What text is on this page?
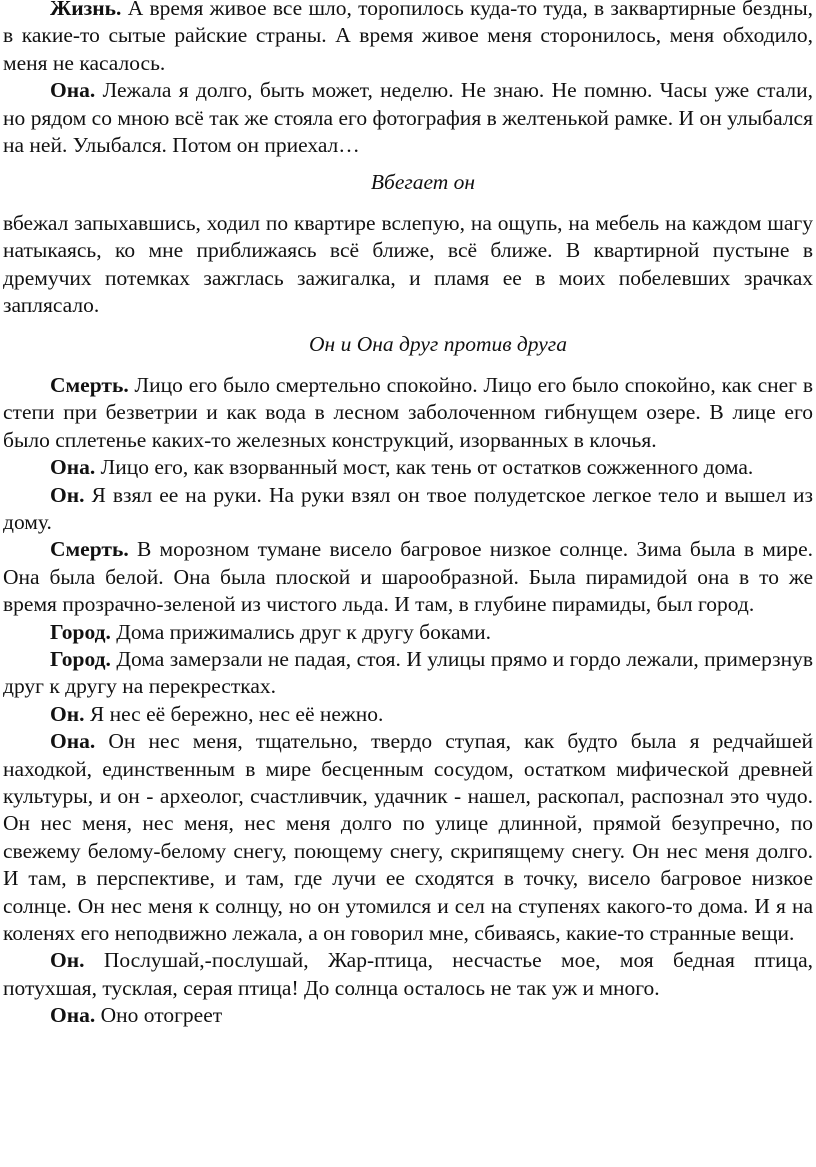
Жизнь. А время живое все шло, торопилось куда-то туда, в заквартирные бездны, в какие-то сытые райские страны. А время живое меня сторонилось, меня обходило, меня не касалось.

Она. Лежала я долго, быть может, неделю. Не знаю. Не помню. Часы уже стали, но рядом со мною всё так же стояла его фотография в желтенькой рамке. И он улыбался на ней. Улыбался. Потом он приехал…

Вбегает он

вбежал запыхавшись, ходил по квартире вслепую, на ощупь, на мебель на каждом шагу натыкаясь, ко мне приближаясь всё ближе, всё ближе. В квартирной пустыне в дремучих потемках зажглась зажигалка, и пламя ее в моих побелевших зрачках заплясало.

Он и Она друг против друга

Смерть. Лицо его было смертельно спокойно. Лицо его было спокойно, как снег в степи при безветрии и как вода в лесном заболоченном гибнущем озере. В лице его было сплетенье каких-то железных конструкций, изорванных в клочья.

Она. Лицо его, как взорванный мост, как тень от остатков сожженного дома.

Он. Я взял ее на руки. На руки взял он твое полудетское легкое тело и вышел из дому.

Смерть. В морозном тумане висело багровое низкое солнце. Зима была в мире. Она была белой. Она была плоской и шарообразной. Была пирамидой она в то же время прозрачно-зеленой из чистого льда. И там, в глубине пирамиды, был город.

Город. Дома прижимались друг к другу боками.

Город. Дома замерзали не падая, стоя. И улицы прямо и гордо лежали, примерзнув друг к другу на перекрестках.

Он. Я нес её бережно, нес её нежно.

Она. Он нес меня, тщательно, твердо ступая, как будто была я редчайшей находкой, единственным в мире бесценным сосудом, остатком мифической древней культуры, и он - археолог, счастливчик, удачник - нашел, раскопал, распознал это чудо. Он нес меня, нес меня, нес меня долго по улице длинной, прямой безупречно, по свежему белому-белому снегу, поющему снегу, скрипящему снегу. Он нес меня долго. И там, в перспективе, и там, где лучи ее сходятся в точку, висело багровое низкое солнце. Он нес меня к солнцу, но он утомился и сел на ступенях какого-то дома. И я на коленях его неподвижно лежала, а он говорил мне, сбиваясь, какие-то странные вещи.

Он. Послушай,-послушай, Жар-птица, несчастье мое, моя бедная птица, потухшая, тусклая, серая птица! До солнца осталось не так уж и много.

Она. Оно отогреет
